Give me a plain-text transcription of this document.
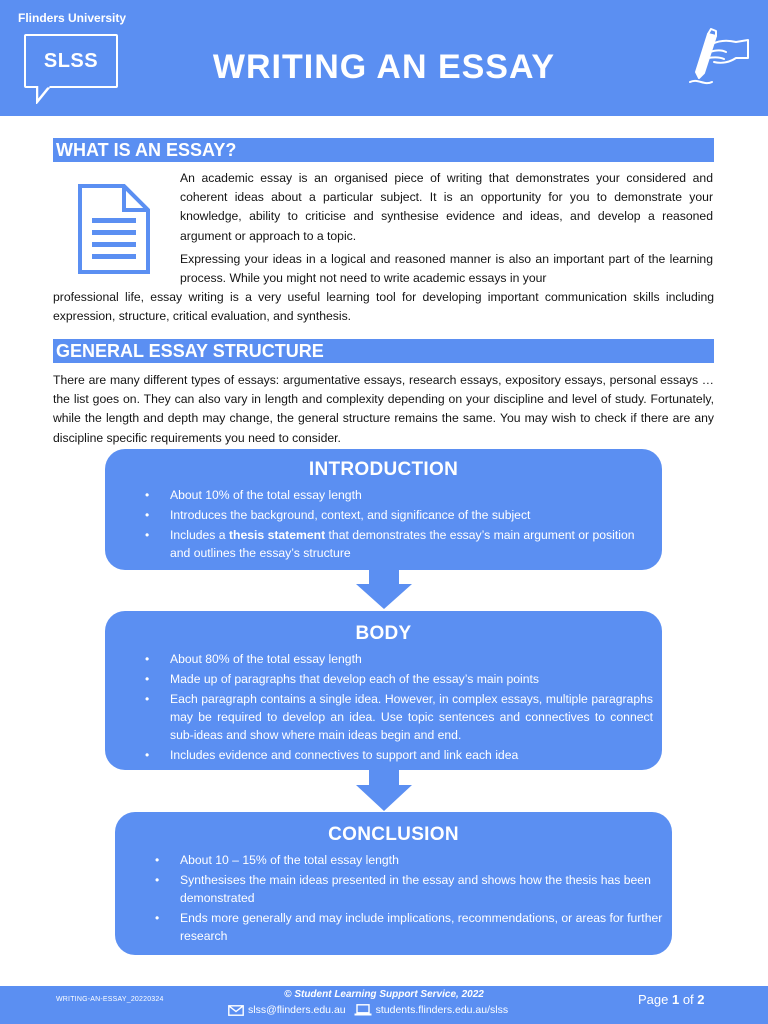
Flinders University
SLSS	WRITING AN ESSAY
WHAT IS AN ESSAY?
An academic essay is an organised piece of writing that demonstrates your considered and coherent ideas about a particular subject. It is an opportunity for you to demonstrate your knowledge, ability to criticise and synthesise evidence and ideas, and develop a reasoned argument or approach to a topic.
Expressing your ideas in a logical and reasoned manner is also an important part of the learning process. While you might not need to write academic essays in your
professional life, essay writing is a very useful learning tool for developing important communication skills including expression, structure, critical evaluation, and synthesis.
GENERAL ESSAY STRUCTURE
There are many different types of essays: argumentative essays, research essays, expository essays, personal essays … the list goes on. They can also vary in length and complexity depending on your discipline and level of study. Fortunately, while the length and depth may change, the general structure remains the same. You may wish to check if there are any discipline specific requirements you need to consider.
INTRODUCTION
• About 10% of the total essay length
• Introduces the background, context, and significance of the subject
• Includes a thesis statement that demonstrates the essay’s main argument or position and outlines the essay’s structure
BODY
• About 80% of the total essay length
• Made up of paragraphs that develop each of the essay’s main points
• Each paragraph contains a single idea. However, in complex essays, multiple paragraphs may be required to develop an idea. Use topic sentences and connectives to connect sub-ideas and show where main ideas begin and end.
• Includes evidence and connectives to support and link each idea
CONCLUSION
• About 10 – 15% of the total essay length
• Synthesises the main ideas presented in the essay and shows how the thesis has been demonstrated
• Ends more generally and may include implications, recommendations, or areas for further research
WRITING-AN-ESSAY_20220324	© Student Learning Support Service, 2022
slss@flinders.edu.au	students.flinders.edu.au/slss
Page 1 of 2
